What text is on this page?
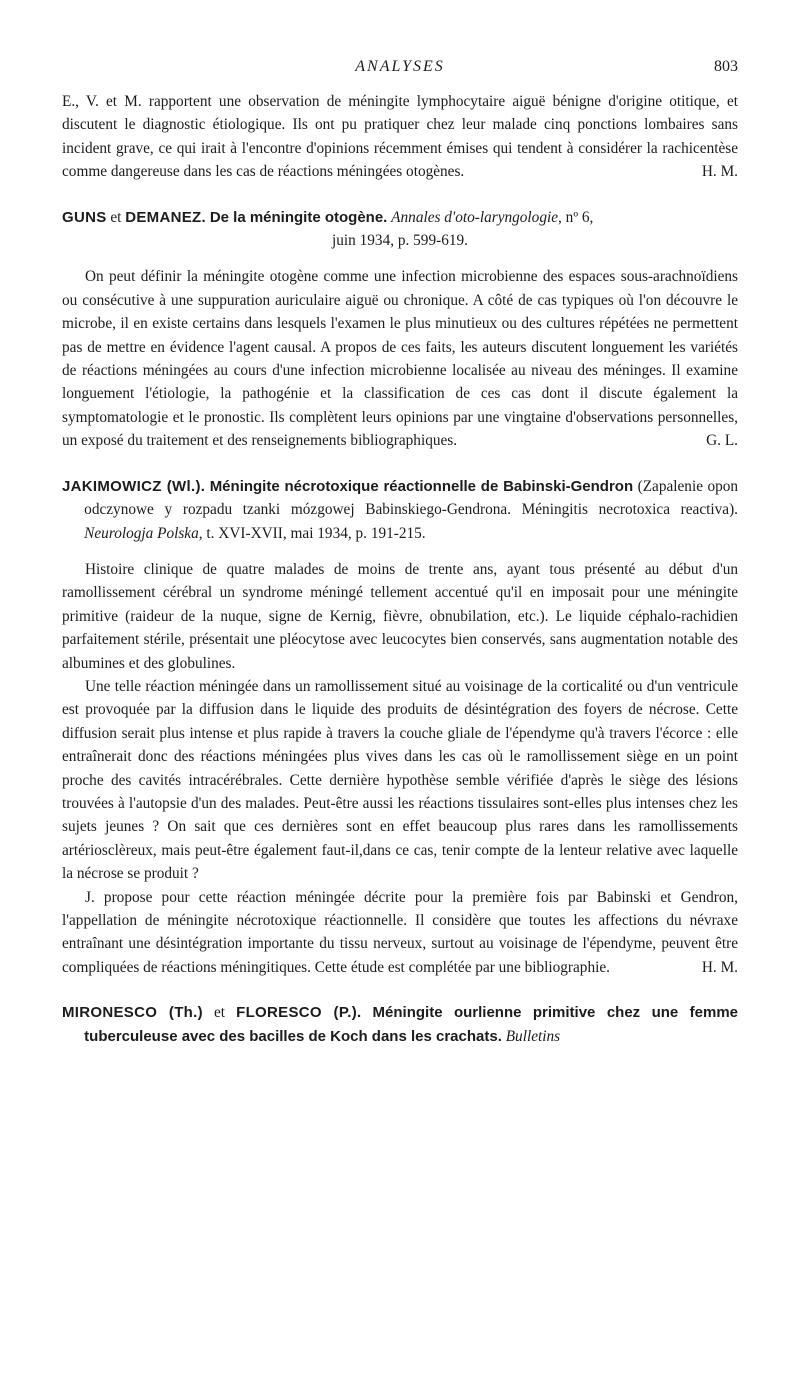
ANALYSES	803

E., V. et M. rapportent une observation de méningite lymphocytaire aiguë bénigne d'origine otitique, et discutent le diagnostic étiologique. Ils ont pu pratiquer chez leur malade cinq ponctions lombaires sans incident grave, ce qui irait à l'encontre d'opinions récemment émises qui tendent à considérer la rachicentèse comme dangereuse dans les cas de réactions méningées otogènes.	H. M.

GUNS et DEMANEZ. De la méningite otogène. Annales d'oto-laryngologie, nº 6,
juin 1934, p. 599-619.

On peut définir la méningite otogène comme une infection microbienne des espaces sous-arachnoïdiens ou consécutive à une suppuration auriculaire aiguë ou chronique. A côté de cas typiques où l'on découvre le microbe, il en existe certains dans lesquels l'examen le plus minutieux ou des cultures répétées ne permettent pas de mettre en évidence l'agent causal. A propos de ces faits, les auteurs discutent longuement les variétés de réactions méningées au cours d'une infection microbienne localisée au niveau des méninges. Il examine longuement l'étiologie, la pathogénie et la classification de ces cas dont il discute également la symptomatologie et le pronostic. Ils complètent leurs opinions par une vingtaine d'observations personnelles, un exposé du traitement et des renseignements bibliographiques.	G. L.

JAKIMOWICZ (Wl.). Méningite nécrotoxique réactionnelle de Babinski-Gendron (Zapalenie opon odczynowe y rozpadu tzanki mózgowej Babinskiego-Gendrona. Méningitis necrotoxica reactiva). Neurologja Polska, t. XVI-XVII, mai 1934, p. 191-215.

Histoire clinique de quatre malades de moins de trente ans, ayant tous présenté au début d'un ramollissement cérébral un syndrome méningé tellement accentué qu'il en imposait pour une méningite primitive (raideur de la nuque, signe de Kernig, fièvre, obnubilation, etc.). Le liquide céphalo-rachidien parfaitement stérile, présentait une pléocytose avec leucocytes bien conservés, sans augmentation notable des albumines et des globulines.

Une telle réaction méningée dans un ramollissement situé au voisinage de la corticalité ou d'un ventricule est provoquée par la diffusion dans le liquide des produits de désintégration des foyers de nécrose. Cette diffusion serait plus intense et plus rapide à travers la couche gliale de l'épendyme qu'à travers l'écorce : elle entraînerait donc des réactions méningées plus vives dans les cas où le ramollissement siège en un point proche des cavités intracérébrales. Cette dernière hypothèse semble vérifiée d'après le siège des lésions trouvées à l'autopsie d'un des malades. Peut-être aussi les réactions tissulaires sont-elles plus intenses chez les sujets jeunes ? On sait que ces dernières sont en effet beaucoup plus rares dans les ramollissements artériosclèreux, mais peut-être également faut-il,dans ce cas, tenir compte de la lenteur relative avec laquelle la nécrose se produit ?

J. propose pour cette réaction méningée décrite pour la première fois par Babinski et Gendron, l'appellation de méningite nécrotoxique réactionnelle. Il considère que toutes les affections du névraxe entraînant une désintégration importante du tissu nerveux, surtout au voisinage de l'épendyme, peuvent être compliquées de réactions méningitiques. Cette étude est complétée par une bibliographie.	H. M.

MIRONESCO (Th.) et FLORESCO (P.). Méningite ourlienne primitive chez une femme tuberculeuse avec des bacilles de Koch dans les crachats. Bulletins
